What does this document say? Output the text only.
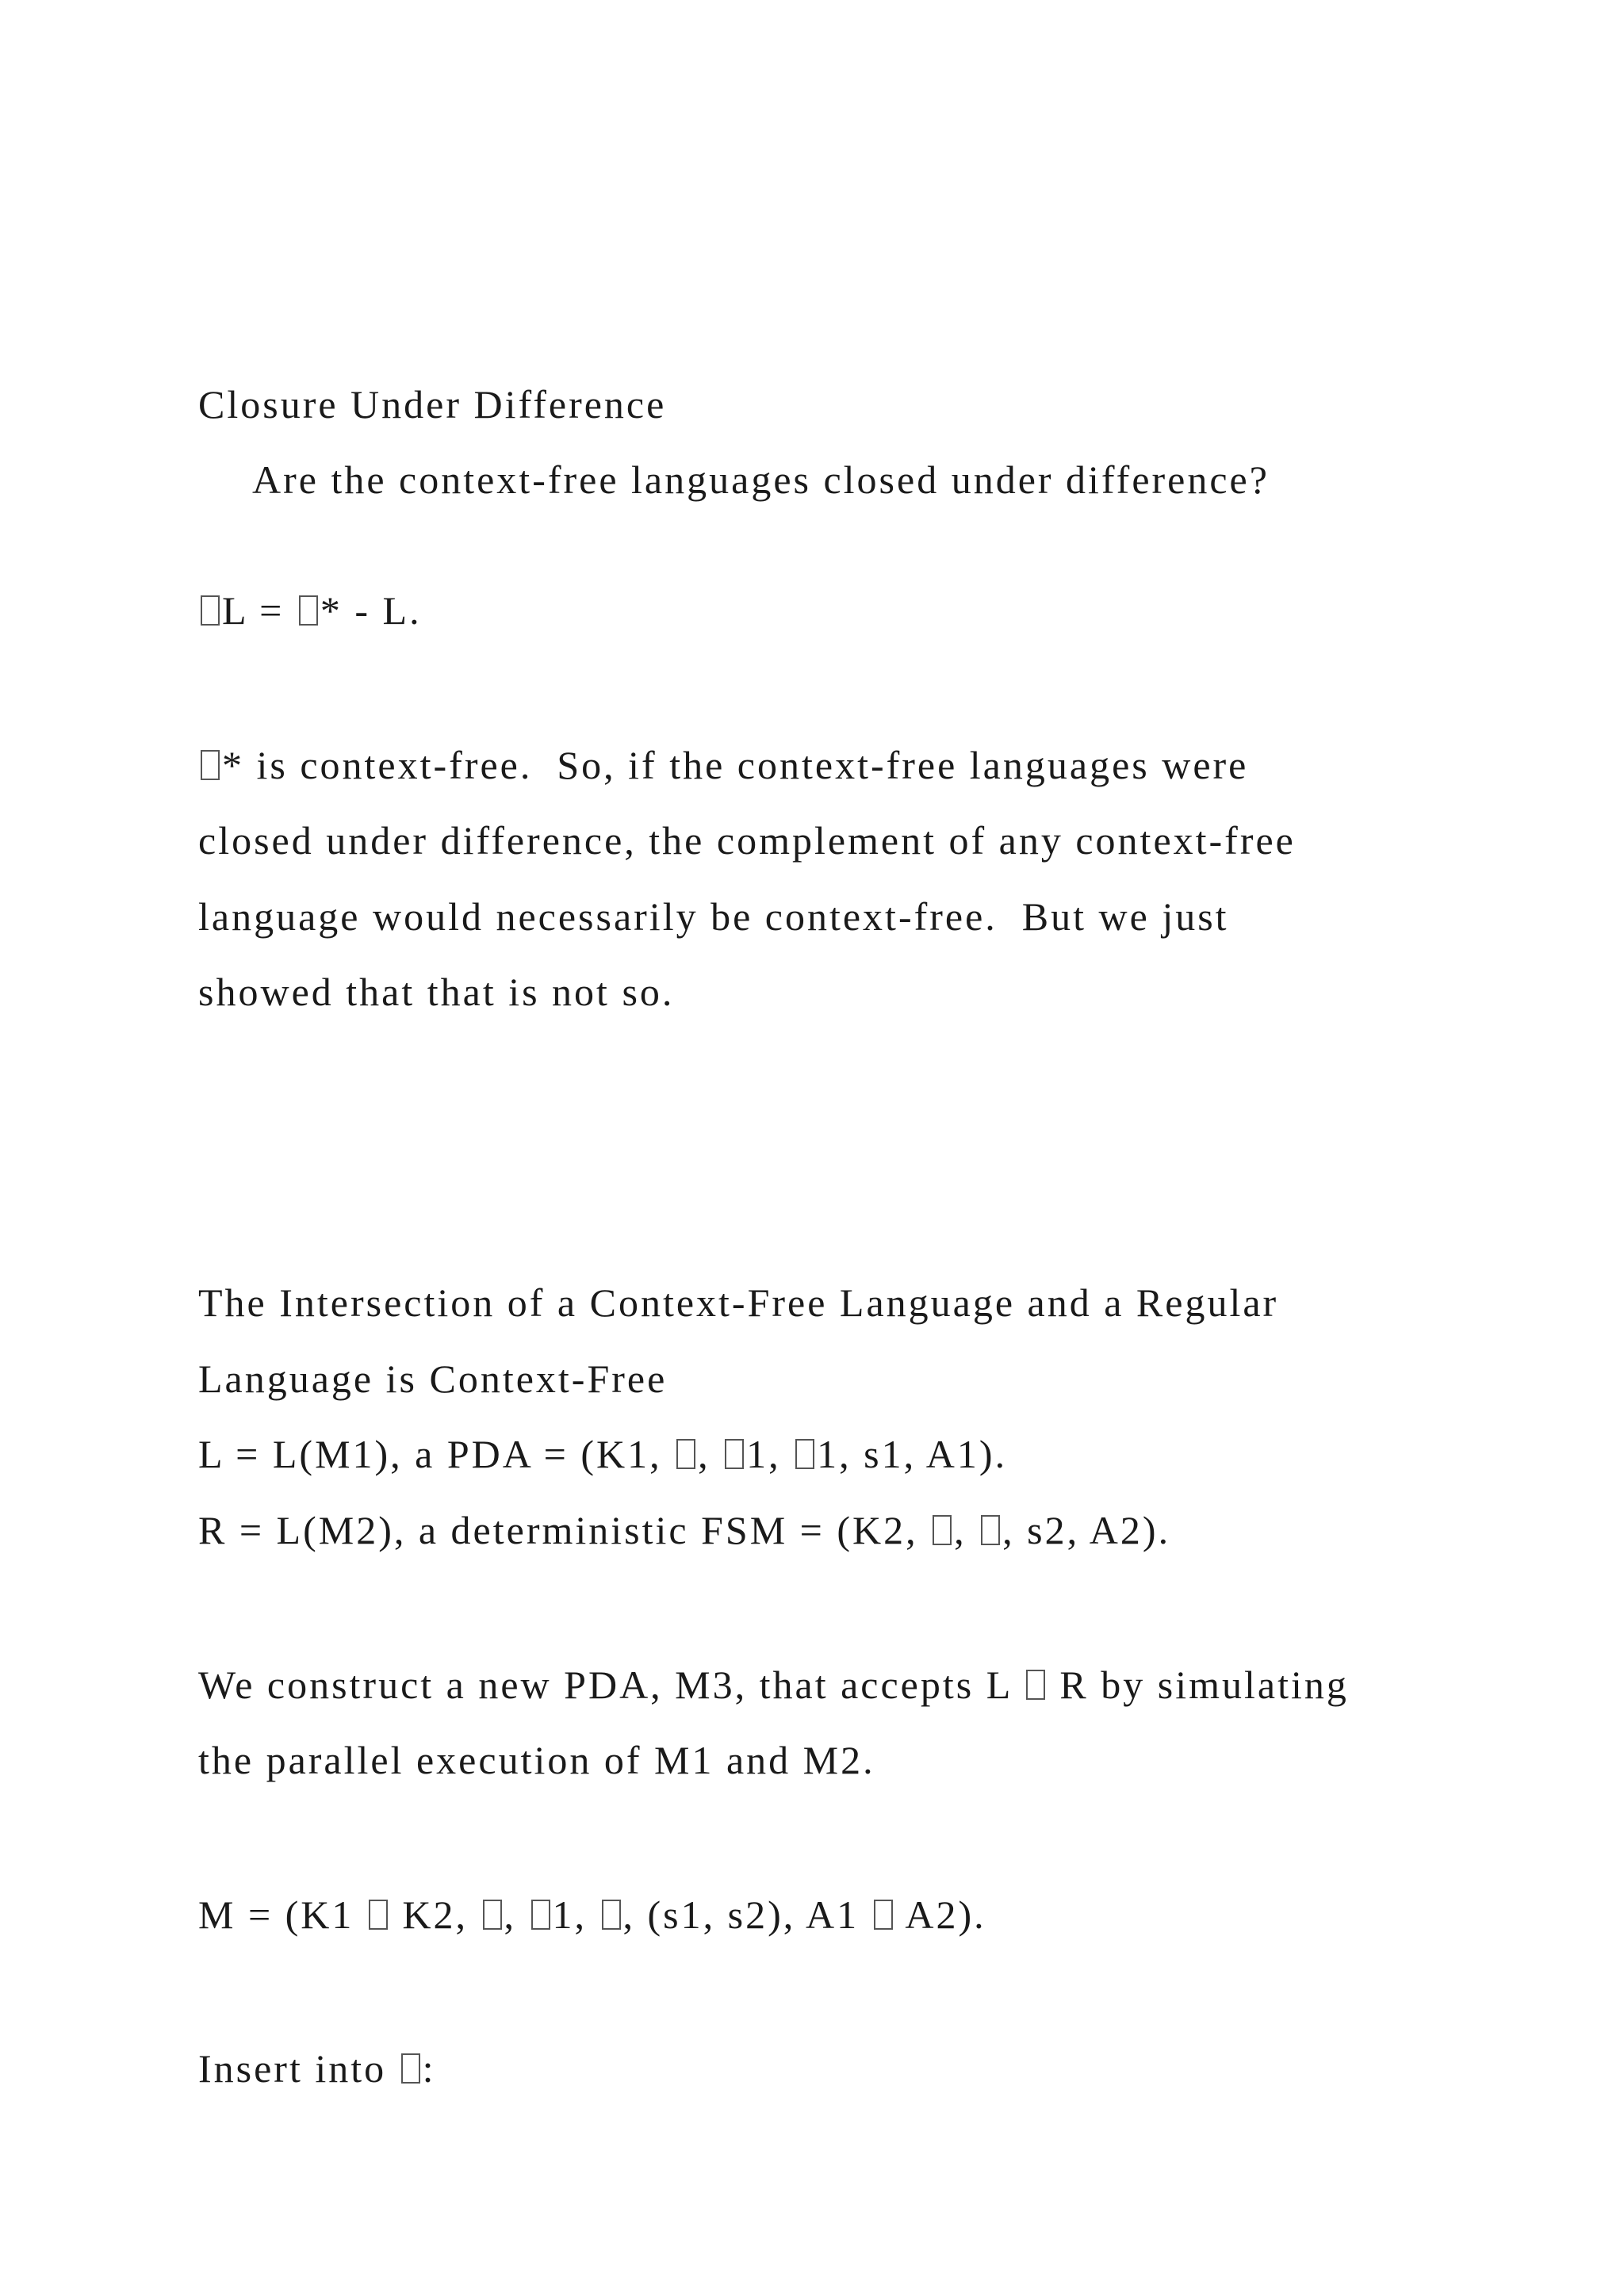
Closure Under Difference
Are the context-free languages closed under difference?
L = * - L.
* is context-free.  So, if the context-free languages were
closed under difference, the complement of any context-free
language would necessarily be context-free.  But we just
showed that that is not so.
The Intersection of a Context-Free Language and a Regular
Language is Context-Free
L = L(M1), a PDA = (K1, , 1, 1, s1, A1).
R = L(M2), a deterministic FSM = (K2, , , s2, A2).
We construct a new PDA, M3, that accepts L  R by simulating
the parallel execution of M1 and M2.
M = (K1  K2, , 1, , (s1, s2), A1  A2).
Insert into :
